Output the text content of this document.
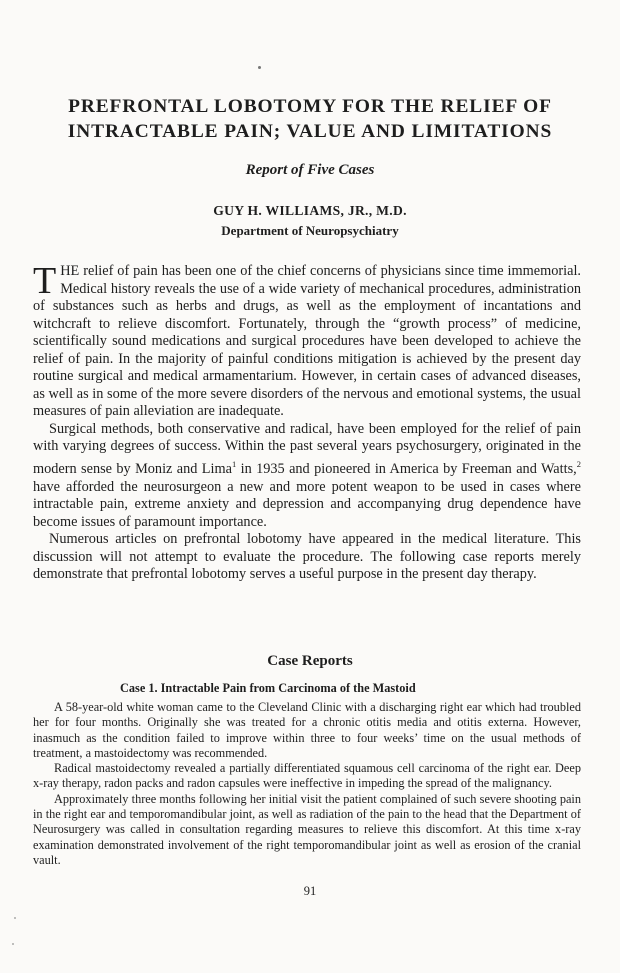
PREFRONTAL LOBOTOMY FOR THE RELIEF OF
INTRACTABLE PAIN; VALUE AND LIMITATIONS

Report of Five Cases

GUY H. WILLIAMS, JR., M.D.

Department of Neuropsychiatry

THE relief of pain has been one of the chief concerns of physicians since time immemorial. Medical history reveals the use of a wide variety of mechanical procedures, administration of substances such as herbs and drugs, as well as the employment of incantations and witchcraft to relieve discomfort. Fortunately, through the “growth process” of medicine, scientifically sound medications and surgical procedures have been developed to achieve the relief of pain. In the majority of painful conditions mitigation is achieved by the present day routine surgical and medical armamentarium. However, in certain cases of advanced diseases, as well as in some of the more severe disorders of the nervous and emotional systems, the usual measures of pain alleviation are inadequate.

Surgical methods, both conservative and radical, have been employed for the relief of pain with varying degrees of success. Within the past several years psychosurgery, originated in the modern sense by Moniz and Lima$^1$ in 1935 and pioneered in America by Freeman and Watts,$^2$ have afforded the neurosurgeon a new and more potent weapon to be used in cases where intractable pain, extreme anxiety and depression and accompanying drug dependence have become issues of paramount importance.

Numerous articles on prefrontal lobotomy have appeared in the medical literature. This discussion will not attempt to evaluate the procedure. The following case reports merely demonstrate that prefrontal lobotomy serves a useful purpose in the present day therapy.

Case Reports
Case 1. Intractable Pain from Carcinoma of the Mastoid

A 58-year-old white woman came to the Cleveland Clinic with a discharging right ear which had troubled her for four months. Originally she was treated for a chronic otitis media and otitis externa. However, inasmuch as the condition failed to improve within three to four weeks’ time on the usual methods of treatment, a mastoidectomy was recommended.

Radical mastoidectomy revealed a partially differentiated squamous cell carcinoma of the right ear. Deep x-ray therapy, radon packs and radon capsules were ineffective in impeding the spread of the malignancy.

Approximately three months following her initial visit the patient complained of such severe shooting pain in the right ear and temporomandibular joint, as well as radiation of the pain to the head that the Department of Neurosurgery was called in consultation regarding measures to relieve this discomfort. At this time x-ray examination demonstrated involvement of the right temporomandibular joint as well as erosion of the cranial vault.

91
